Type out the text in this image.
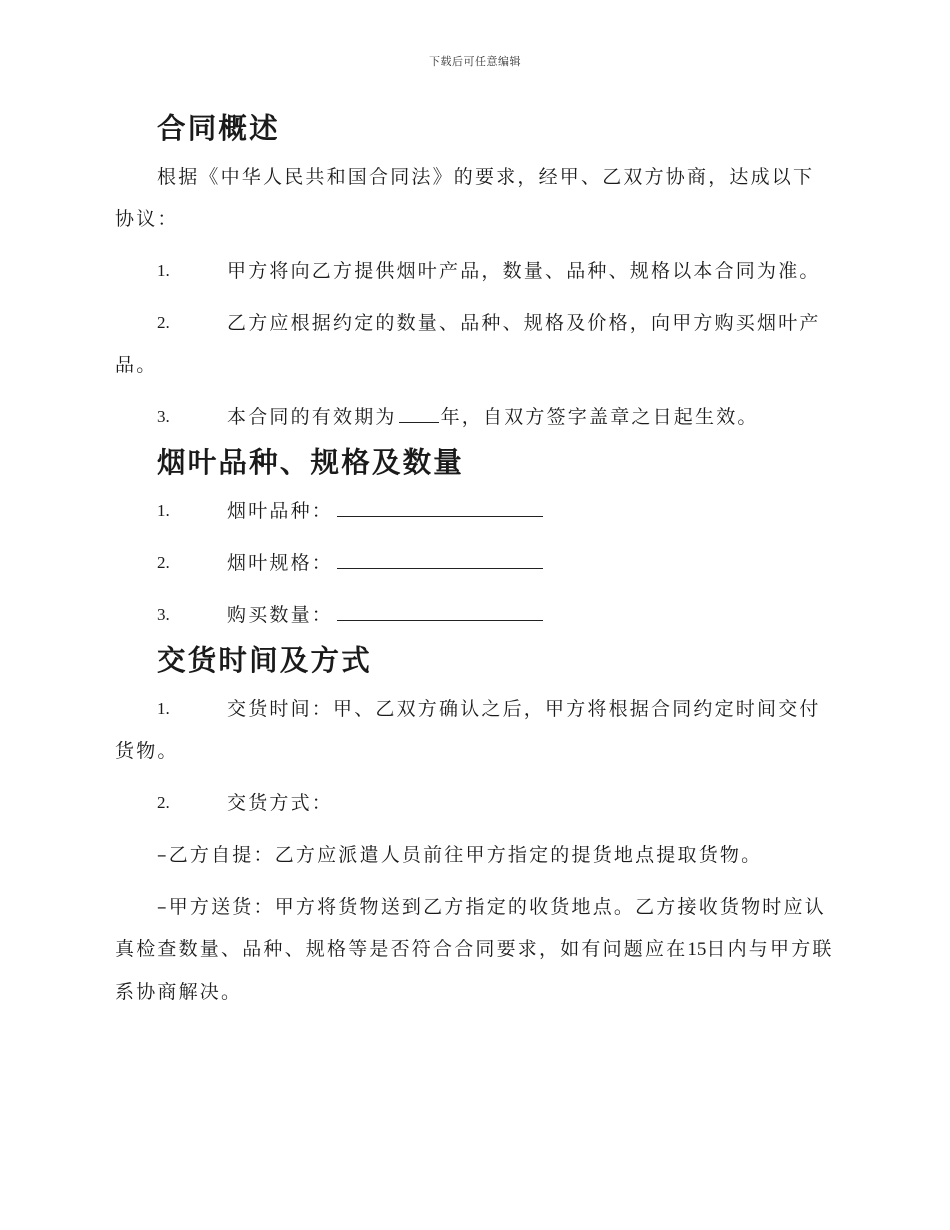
下载后可任意编辑
合同概述

根据《中华人民共和国合同法》的要求，经甲、乙双方协商，达成以下协议：

1.	甲方将向乙方提供烟叶产品，数量、品种、规格以本合同为准。

2.	乙方应根据约定的数量、品种、规格及价格，向甲方购买烟叶产品。

3.	本合同的有效期为 年，自双方签字盖章之日起生效。

烟叶品种、规格及数量
1.	烟叶品种：

2.	烟叶规格：

3.	购买数量：

交货时间及方式
1.	交货时间：甲、乙双方确认之后，甲方将根据合同约定时间交付货物。

2.	交货方式：

–乙方自提：乙方应派遣人员前往甲方指定的提货地点提取货物。

–甲方送货：甲方将货物送到乙方指定的收货地点。乙方接收货物时应认真检查数量、品种、规格等是否符合合同要求，如有问题应在15日内与甲方联系协商解决。
